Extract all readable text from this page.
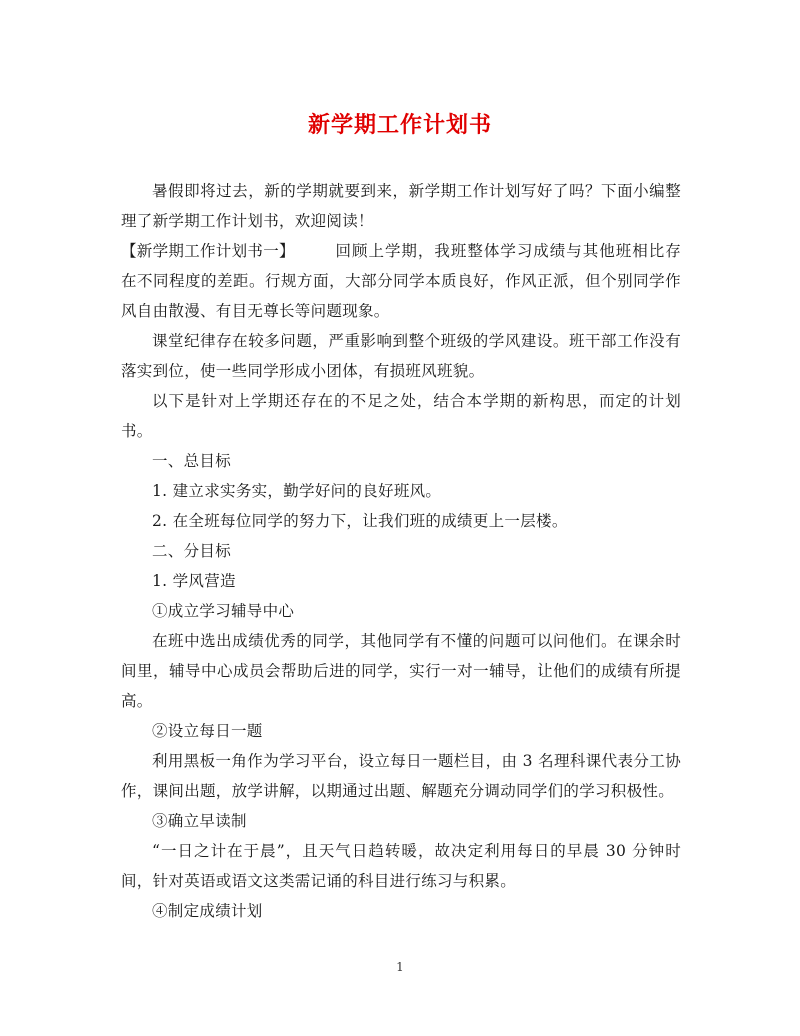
新学期工作计划书

暑假即将过去，新的学期就要到来，新学期工作计划写好了吗？下面小编整理了新学期工作计划书，欢迎阅读！

【新学期工作计划书一】	回顾上学期，我班整体学习成绩与其他班相比存在不同程度的差距。行规方面，大部分同学本质良好，作风正派，但个别同学作风自由散漫、有目无尊长等问题现象。

课堂纪律存在较多问题，严重影响到整个班级的学风建设。班干部工作没有落实到位，使一些同学形成小团体，有损班风班貌。

以下是针对上学期还存在的不足之处，结合本学期的新构思，而定的计划书。

一、总目标

1. 建立求实务实，勤学好问的良好班风。

2. 在全班每位同学的努力下，让我们班的成绩更上一层楼。

二、分目标

1. 学风营造

①成立学习辅导中心

在班中选出成绩优秀的同学，其他同学有不懂的问题可以问他们。在课余时间里，辅导中心成员会帮助后进的同学，实行一对一辅导，让他们的成绩有所提高。

②设立每日一题

利用黑板一角作为学习平台，设立每日一题栏目，由 3 名理科课代表分工协作，课间出题，放学讲解，以期通过出题、解题充分调动同学们的学习积极性。

③确立早读制

“一日之计在于晨”，且天气日趋转暖，故决定利用每日的早晨 30 分钟时间，针对英语或语文这类需记诵的科目进行练习与积累。

④制定成绩计划

1
